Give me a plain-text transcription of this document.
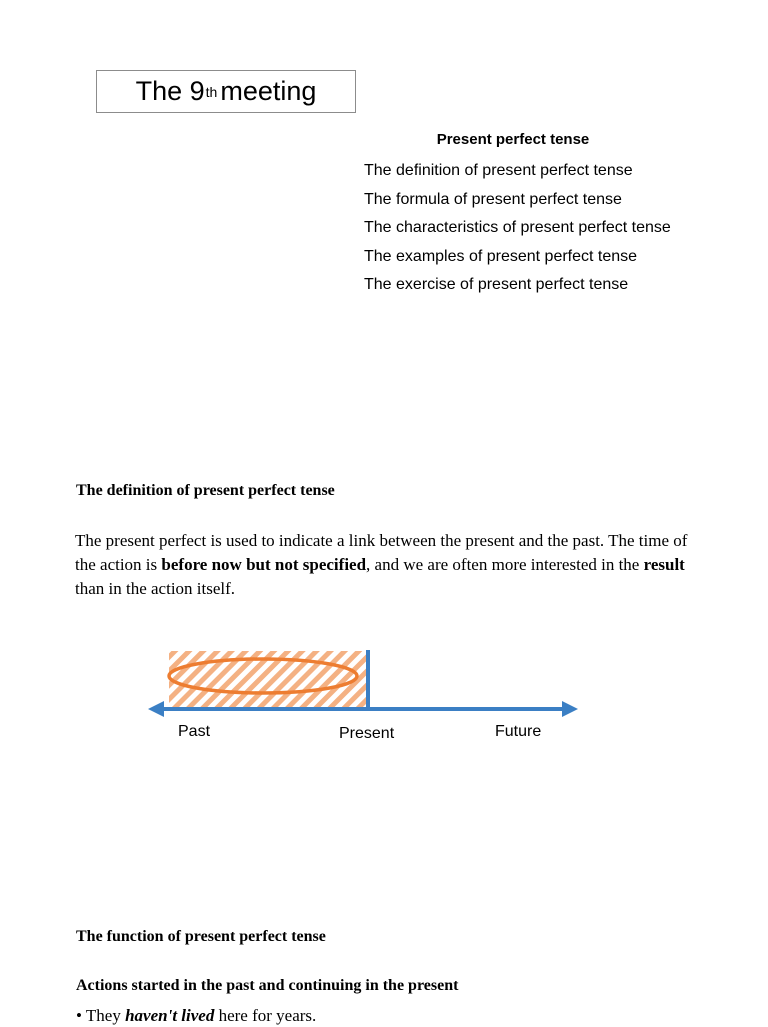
The 9 th meeting
Present perfect tense
The definition of present perfect tense
The formula of present perfect tense
The characteristics of present perfect tense
The examples of present perfect tense
The exercise of present perfect tense
The definition of present perfect tense
The present perfect is used to indicate a link between the present and the past. The time of the action is before now but not specified, and we are often more interested in the result than in the action itself.
Past	Present	Future
The function of present perfect tense
Actions started in the past and continuing in the present
• They haven't lived here for years.
